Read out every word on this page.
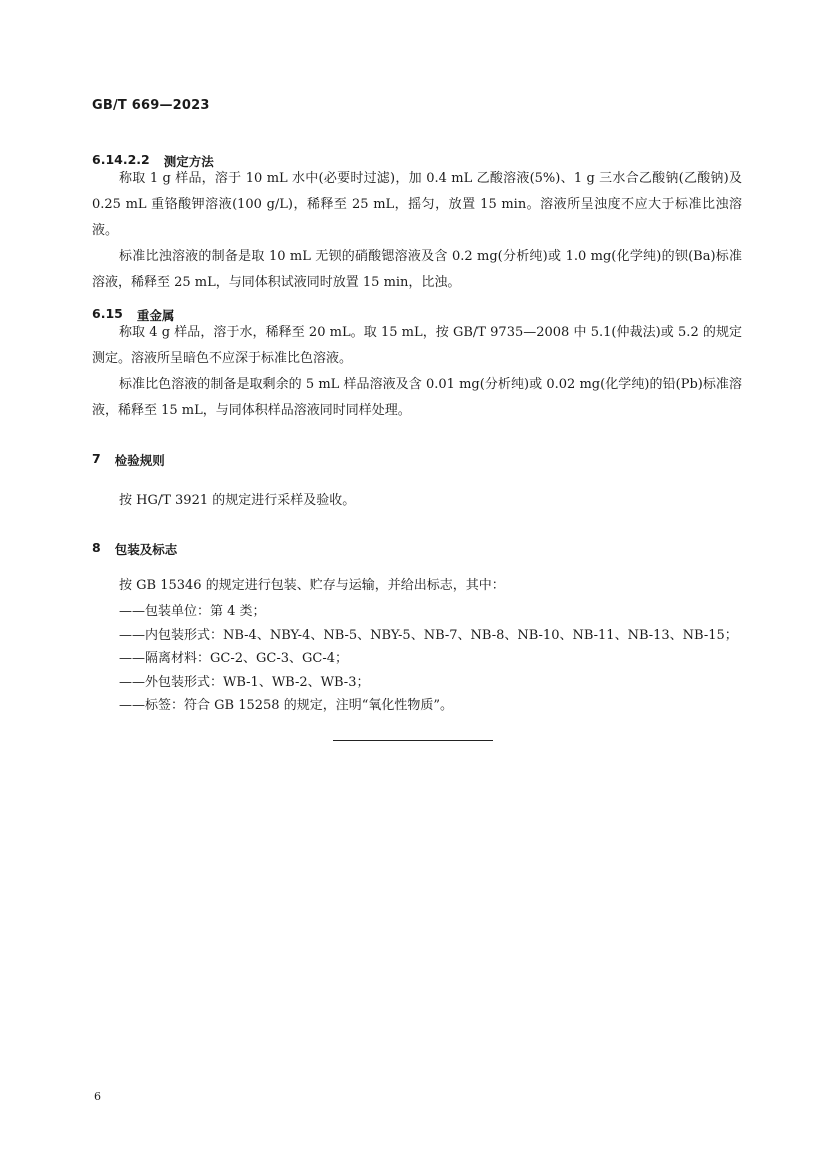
GB/T 669—2023
6.14.2.2 测定方法

称取 1 g 样品，溶于 10 mL 水中(必要时过滤)，加 0.4 mL 乙酸溶液(5%)、1 g 三水合乙酸钠(乙酸钠)及 0.25 mL 重铬酸钾溶液(100 g/L)，稀释至 25 mL，摇匀，放置 15 min。溶液所呈浊度不应大于标准比浊溶液。

标准比浊溶液的制备是取 10 mL 无钡的硝酸锶溶液及含 0.2 mg(分析纯)或 1.0 mg(化学纯)的钡(Ba)标准溶液，稀释至 25 mL，与同体积试液同时放置 15 min，比浊。

6.15 重金属

称取 4 g 样品，溶于水，稀释至 20 mL。取 15 mL，按 GB/T 9735—2008 中 5.1(仲裁法)或 5.2 的规定测定。溶液所呈暗色不应深于标准比色溶液。

标准比色溶液的制备是取剩余的 5 mL 样品溶液及含 0.01 mg(分析纯)或 0.02 mg(化学纯)的铅(Pb)标准溶液，稀释至 15 mL，与同体积样品溶液同时同样处理。

7 检验规则

按 HG/T 3921 的规定进行采样及验收。

8 包装及标志

按 GB 15346 的规定进行包装、贮存与运输，并给出标志，其中：

——包装单位：第 4 类；
——内包装形式：NB-4、NBY-4、NB-5、NBY-5、NB-7、NB-8、NB-10、NB-11、NB-13、NB-15；
——隔离材料：GC-2、GC-3、GC-4；
——外包装形式：WB-1、WB-2、WB-3；
——标签：符合 GB 15258 的规定，注明“氧化性物质”。
6
